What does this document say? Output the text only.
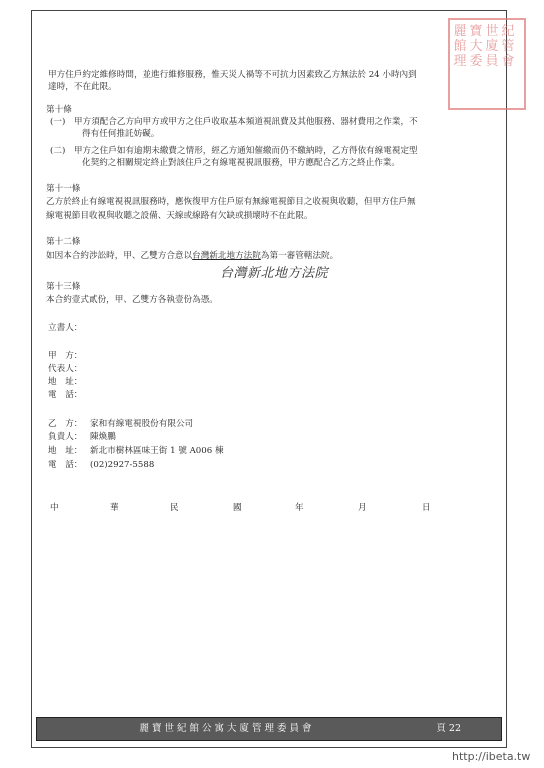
麗 寶 世 紀
館 大 廈 管
理 委 員 會
甲方住戶約定維修時間，並進行維修服務，惟天災人禍等不可抗力因素致乙方無法於 24 小時內到
達時，不在此限。
第十條
(一)　甲方須配合乙方向甲方或甲方之住戶收取基本頻道視訊費及其他服務、器材費用之作業，不
得有任何推託妨礙。
(二)　甲方之住戶如有逾期未繳費之情形，經乙方通知催繳而仍不繳納時，乙方得依有線電視定型
化契約之相關規定終止對該住戶之有線電視視訊服務，甲方應配合乙方之終止作業。
第十一條
乙方於終止有線電視視訊服務時，應恢復甲方住戶原有無線電視節目之收視與收聽，但甲方住戶無
線電視節目收視與收聽之設備、天線或線路有欠缺或損壞時不在此限。
第十二條
如因本合約涉訟時，甲、乙雙方合意以台灣新北地方法院為第一審管轄法院。
台灣新北地方法院
第十三條
本合約壹式貳份，甲、乙雙方各執壹份為憑。
立書人：
甲　方：
代表人：
地　址：
電　話：
乙　方： 家和有線電視股份有限公司
負責人： 陳煥鵬
地　址： 新北市樹林區味王街 1 號 A006 棟
電　話： (02)2927-5588
中	華	民	國	年	月	日
麗寶世紀館公寓大廈管理委員會	頁 22
http://ibeta.tw
